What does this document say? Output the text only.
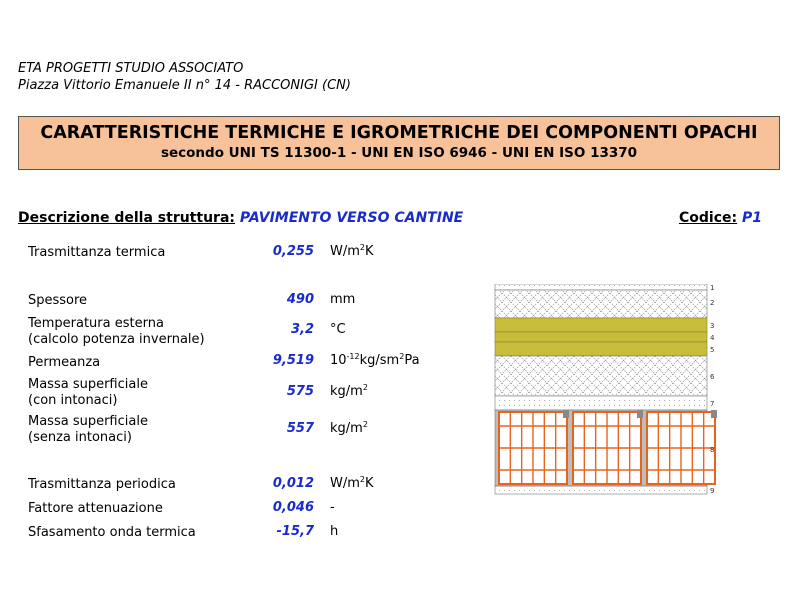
ETA PROGETTI STUDIO ASSOCIATO
Piazza Vittorio Emanuele II n° 14 - RACCONIGI (CN)
CARATTERISTICHE TERMICHE E IGROMETRICHE DEI COMPONENTI OPACHI
secondo UNI TS 11300-1 - UNI EN ISO 6946 - UNI EN ISO 13370
Descrizione della struttura: PAVIMENTO VERSO CANTINE	Codice: P1
Trasmittanza termica	0,255 $W/m^2K$
Spessore	490 mm
Temperatura esterna
(calcolo potenza invernale)
3,2 °C
Permeanza	9,519 $10^{-12}kg/sm^2Pa$
Massa superficiale
(con intonaci)
575 $kg/m^2$
Massa superficiale
(senza intonaci)
557 $kg/m^2$
Trasmittanza periodica	0,012 $W/m^2K$
Fattore attenuazione	0,046 -
Sfasamento onda termica	-15,7 h
1
2
3
4
5
6
7
8
9
